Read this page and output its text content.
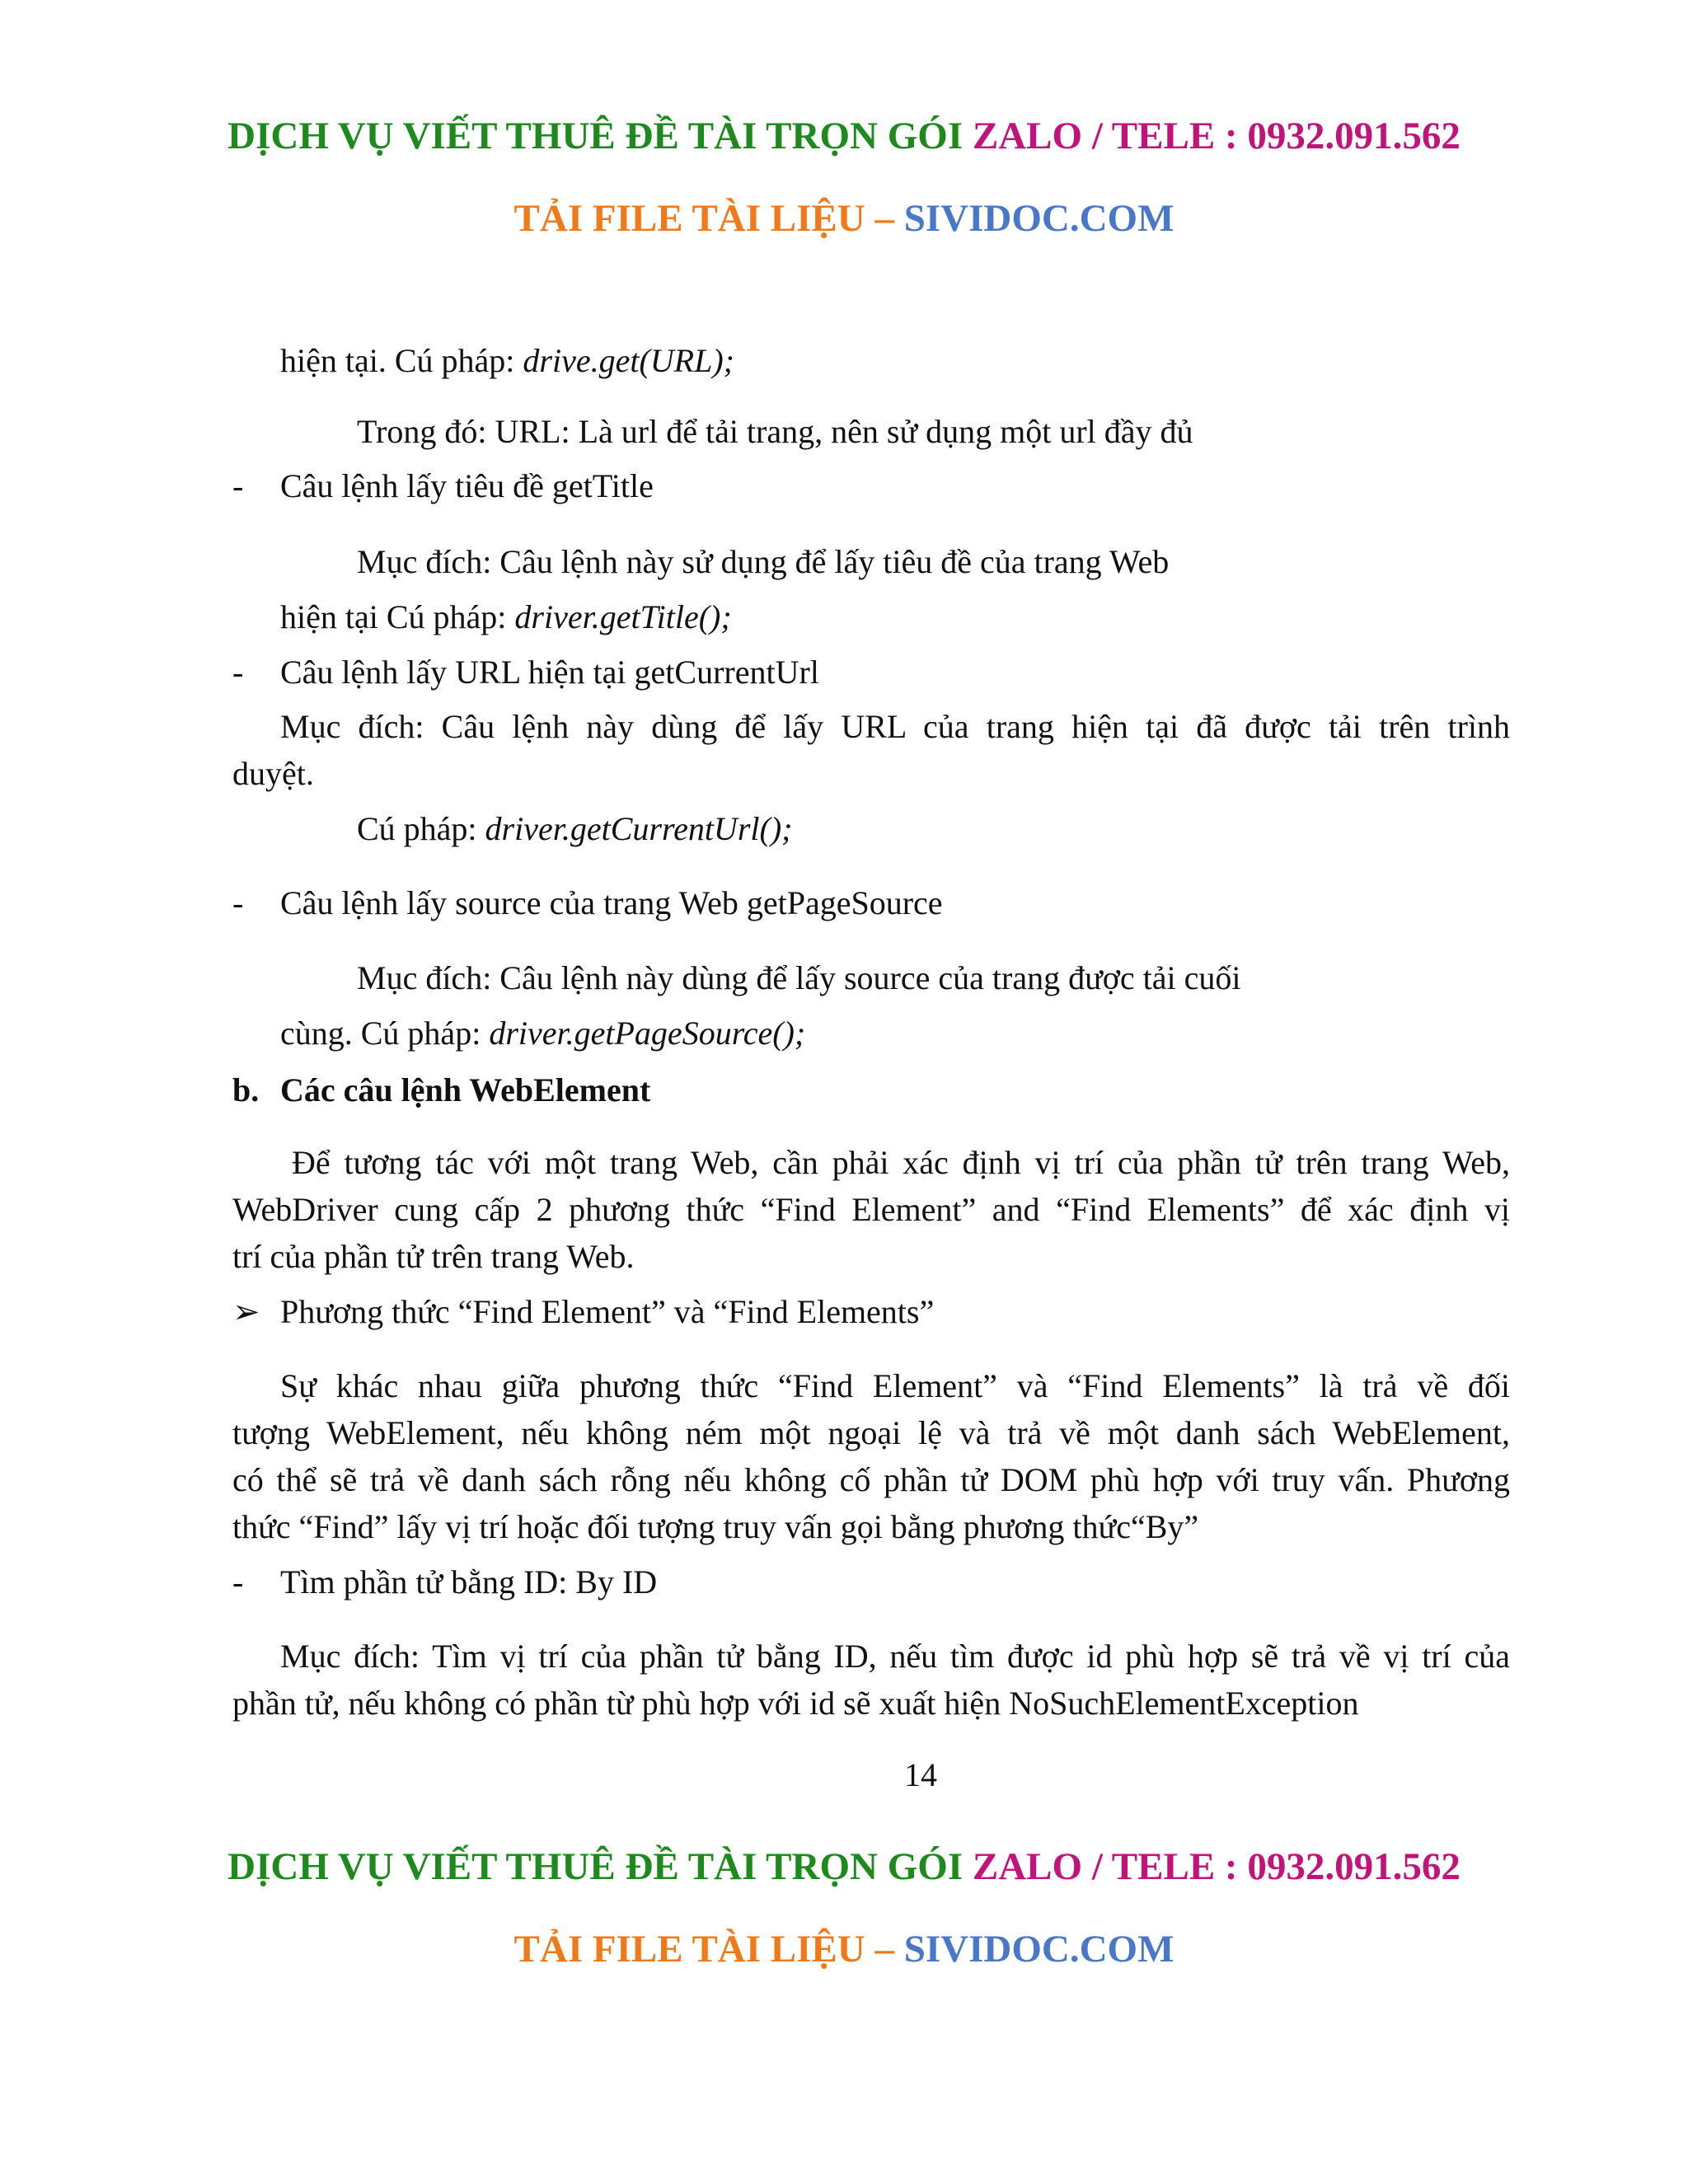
DỊCH VỤ VIẾT THUÊ ĐỀ TÀI TRỌN GÓI ZALO / TELE : 0932.091.562
TẢI FILE TÀI LIỆU – SIVIDOC.COM
hiện tại. Cú pháp: drive.get(URL);
Trong đó: URL: Là url để tải trang, nên sử dụng một url đầy đủ
- Câu lệnh lấy tiêu đề getTitle
Mục đích: Câu lệnh này sử dụng để lấy tiêu đề của trang Web
hiện tại Cú pháp: driver.getTitle();
- Câu lệnh lấy URL hiện tại getCurrentUrl
Mục đích: Câu lệnh này dùng để lấy URL của trang hiện tại đã được tải trên trình
duyệt.
Cú pháp: driver.getCurrentUrl();
- Câu lệnh lấy source của trang Web getPageSource
Mục đích: Câu lệnh này dùng để lấy source của trang được tải cuối
cùng. Cú pháp: driver.getPageSource();
b. Các câu lệnh WebElement
Để tương tác với một trang Web, cần phải xác định vị trí của phần tử trên trang Web,
WebDriver cung cấp 2 phương thức “Find Element” and “Find Elements” để xác định vị
trí của phần tử trên trang Web.
➢ Phương thức “Find Element” và “Find Elements”
Sự khác nhau giữa phương thức “Find Element” và “Find Elements” là trả về đối
tượng WebElement, nếu không ném một ngoại lệ và trả về một danh sách WebElement,
có thể sẽ trả về danh sách rỗng nếu không cố phần tử DOM phù hợp với truy vấn. Phương
thức “Find” lấy vị trí hoặc đối tượng truy vấn gọi bằng phương thức“By”
- Tìm phần tử bằng ID: By ID
Mục đích: Tìm vị trí của phần tử bằng ID, nếu tìm được id phù hợp sẽ trả về vị trí của
phần tử, nếu không có phần từ phù hợp với id sẽ xuất hiện NoSuchElementException
14
DỊCH VỤ VIẾT THUÊ ĐỀ TÀI TRỌN GÓI ZALO / TELE : 0932.091.562
TẢI FILE TÀI LIỆU – SIVIDOC.COM
